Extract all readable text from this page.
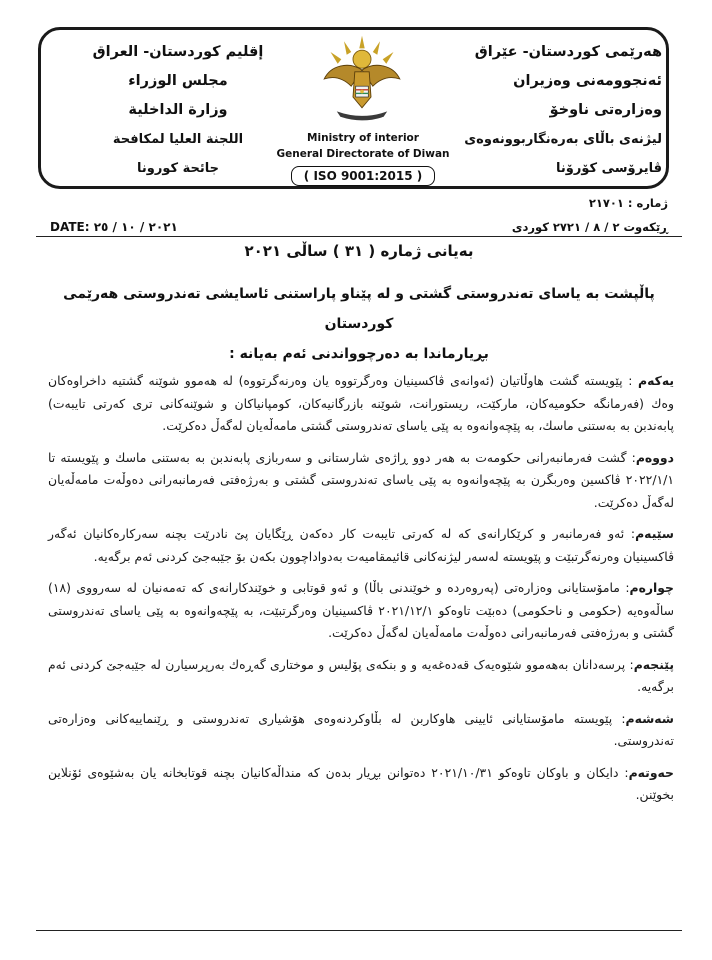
هەرێمی کوردستان- عێراق
ئەنجوومەنی وەزیران
وەزارەتی ناوخۆ
لیژنەی باڵای بەرەنگاربوونەوەی
ڤایرۆسی کۆرۆنا
إقليم كوردستان- العراق
مجلس الوزراء
وزارة الداخلية
اللجنة العليا لمكافحة
جائحة كورونا
Ministry of interior
General Directorate of Diwan
( ISO 9001:2015 )
ژمارە : ٢١٧٠١
ڕێکەوت ٢ / ٨ / ٢٧٢١ کوردی
DATE: ٢٠٢١ / ١٠ / ٢٥
بەیانی ژمارە ( ٣١ ) ساڵی ٢٠٢١
پاڵپشت بە یاسای تەندروستی گشتی و لە پێناو پاراستنی ئاسایشی تەندروستی هەرێمی کوردستان
بڕیارماندا بە دەرچوواندنی ئەم بەیانە :

یەکەم : پێویستە گشت هاوڵاتیان (ئەوانەی ڤاکسینیان وەرگرتووە یان وەرنەگرتووە) لە هەموو شوێنە گشتیە داخراوەکان وەك (فەرمانگە حکومیەکان، مارکێت، ریستورانت، شوێنە بازرگانیەکان، کومپانیاکان و شوێنەکانی تری کەرتی تایبەت) پابەندبن بە بەستنی ماسك، بە پێچەوانەوە بە پێی یاسای تەندروستی گشتی مامەڵەیان لەگەڵ دەکرێت.

دووەم: گشت فەرمانبەرانی حکومەت بە هەر دوو ڕاژەی شارستانی و سەربازی پابەندبن بە بەستنی ماسك و پێویستە تا ٢٠٢٢/١/١ ڤاکسین وەربگرن بە پێچەوانەوە بە پێی یاسای تەندروستی گشتی و بەرژەفتی فەرمانبەرانی دەوڵەت مامەڵەیان لەگەڵ دەکرێت.

سێیەم: ئەو فەرمانبەر و کرێکارانەی کە لە کەرتی تایبەت کار دەکەن ڕێگایان پێ نادرێت بچنە سەرکارەکانیان ئەگەر ڤاکسینیان وەرنەگرتبێت و پێویستە لەسەر لیژنەکانی قائیمقامیەت بەدواداچوون بکەن بۆ جێبەجێ کردنی ئەم برگەیە.

چوارەم: مامۆستایانی وەزارەتی (پەروەردە و خوێندنی باڵا) و ئەو قوتابی و خوێندکارانەی کە تەمەنیان لە سەرووی (١٨) ساڵەوەیە (حکومی و ناحکومی) دەبێت تاوەکو ٢٠٢١/١٢/١ ڤاکسینیان وەرگرتبێت، بە پێچەوانەوە بە پێی یاسای تەندروستی گشتی و بەرژەفتی فەرمانبەرانی دەوڵەت مامەڵەیان لەگەڵ دەکرێت.

پێنجەم: پرسەدانان بەهەموو شێوەیەک قەدەغەیە و و بنکەی پۆلیس و موختاری گەڕەك بەرپرسیارن لە جێبەجێ کردنی ئەم برگەیە.

شەشەم: پێویستە مامۆستایانی ئایینی هاوکاربن لە بڵاوکردنەوەی هۆشیاری تەندروستی و ڕێنماییەکانی وەزارەتی تەندروستی.

حەوتەم: دایکان و باوکان تاوەکو ٢٠٢١/١٠/٣١ دەتوانن بڕیار بدەن کە منداڵەکانیان بچنە قوتابخانە یان بەشێوەی ئۆنلاین بخوێنن.
